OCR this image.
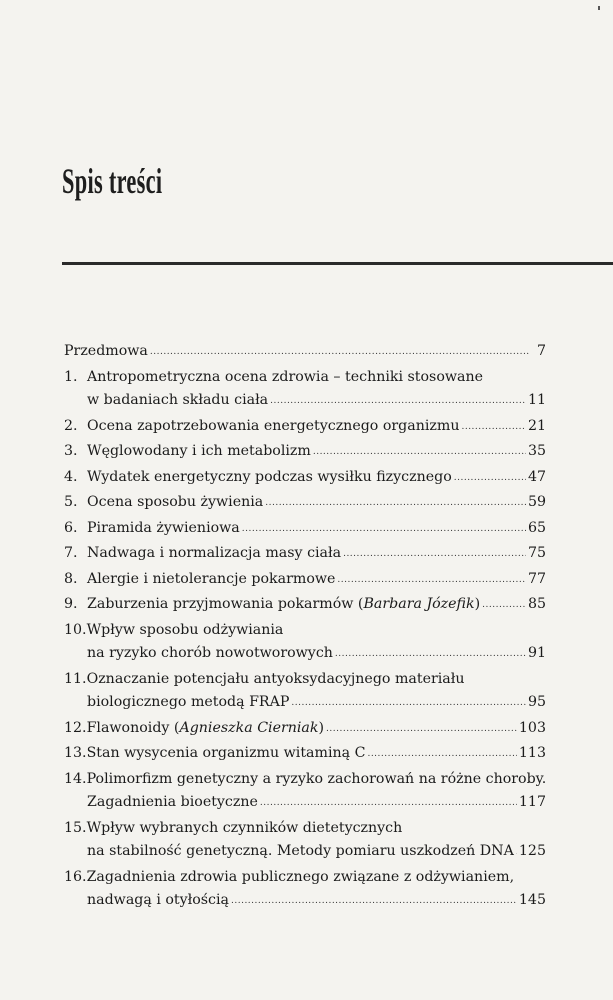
Spis treści
Przedmowa .....	7
1. Antropometryczna ocena zdrowia – techniki stosowane
w badaniach składu ciała .....	11
2. Ocena zapotrzebowania energetycznego organizmu .....	21
3. Węglowodany i ich metabolizm .....	35
4. Wydatek energetyczny podczas wysiłku fizycznego .....	47
5. Ocena sposobu żywienia .....	59
6. Piramida żywieniowa .....	65
7. Nadwaga i normalizacja masy ciała .....	75
8. Alergie i nietolerancje pokarmowe .....	77
9. Zaburzenia przyjmowania pokarmów (Barbara Józefik) .....	85
10. Wpływ sposobu odżywiania
na ryzyko chorób nowotworowych .....	91
11. Oznaczanie potencjału antyoksydacyjnego materiału
biologicznego metodą FRAP .....	95
12. Flawonoidy (Agnieszka Cierniak) .....	103
13. Stan wysycenia organizmu witaminą C .....	113
14. Polimorfizm genetyczny a ryzyko zachorowań na różne choroby.
Zagadnienia bioetyczne .....	117
15. Wpływ wybranych czynników dietetycznych
na stabilność genetyczną. Metody pomiaru uszkodzeń DNA ..... 125
16. Zagadnienia zdrowia publicznego związane z odżywianiem,
nadwagą i otyłością .....	145
